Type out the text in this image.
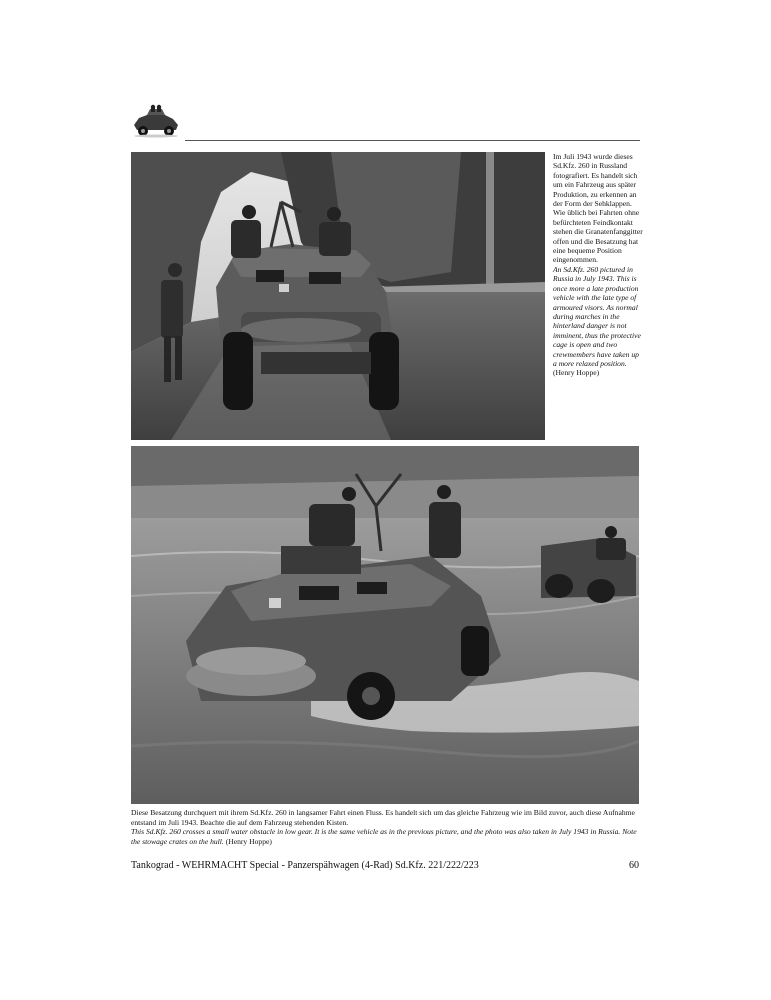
Im Juli 1943 wurde dieses Sd.Kfz. 260 in Russland fotografiert. Es handelt sich um ein Fahrzeug aus später Produktion, zu erkennen an der Form der Sehklappen. Wie üblich bei Fahrten ohne befürchteten Feindkontakt stehen die Granatenfanggitter offen und die Besatzung hat eine bequeme Position eingenommen.

An Sd.Kfz. 260 pictured in Russia in July 1943. This is once more a late production vehicle with the late type of armoured visors. As normal during marches in the hinterland danger is not imminent, thus the protective cage is open and two crewmembers have taken up a more relaxed position.

(Henry Hoppe)

Diese Besatzung durchquert mit ihrem Sd.Kfz. 260 in langsamer Fahrt einen Fluss. Es handelt sich um das gleiche Fahrzeug wie im Bild zuvor, auch diese Aufnahme entstand im Juli 1943. Beachte die auf dem Fahrzeug stehenden Kisten.

This Sd.Kfz. 260 crosses a small water obstacle in low gear. It is the same vehicle as in the previous picture, and the photo was also taken in July 1943 in Russia. Note the stowage crates on the hull. (Henry Hoppe)

Tankograd - WEHRMACHT Special - Panzerspähwagen (4-Rad) Sd.Kfz. 221/222/223	60
